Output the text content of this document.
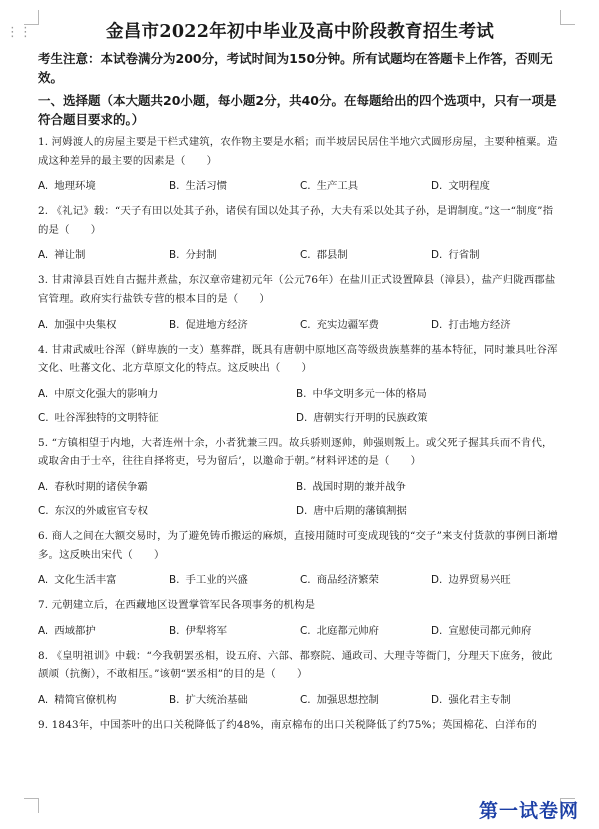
⋮⋮	金昌市2022年初中毕业及高中阶段教育招生考试

考生注意：本试卷满分为200分，考试时间为150分钟。所有试题均在答题卡上作答，否则无效。

一、选择题（本大题共20小题，每小题2分，共40分。在每题给出的四个选项中，只有一项是符合题目要求的。）

1. 河姆渡人的房屋主要是干栏式建筑，农作物主要是水稻；而半坡居民居住半地穴式圆形房屋，主要种植粟。造成这种差异的最主要的因素是（　　）

A. 地理环境	B. 生活习惯	C. 生产工具	D. 文明程度

2. 《礼记》载：“天子有田以处其子孙，诸侯有国以处其子孙，大夫有采以处其子孙，是谓制度。”这一“制度”指的是（　　）

A. 禅让制	B. 分封制	C. 郡县制	D. 行省制

3. 甘肃漳县百姓自古掘井煮盐，东汉章帝建初元年（公元76年）在盐川正式设置障县（漳县），盐产归陇西郡盐官管理。政府实行盐铁专营的根本目的是（　　）

A. 加强中央集权	B. 促进地方经济	C. 充实边疆军费	D. 打击地方经济

4. 甘肃武威吐谷浑（鲜卑族的一支）墓葬群，既具有唐朝中原地区高等级贵族墓葬的基本特征，同时兼具吐谷浑文化、吐蕃文化、北方草原文化的特点。这反映出（　　）

A. 中原文化强大的影响力	B. 中华文明多元一体的格局
C. 吐谷浑独特的文明特征	D. 唐朝实行开明的民族政策

5. “方镇相望于内地，大者连州十余，小者犹兼三四。故兵骄则逐帅，帅强则叛上。或父死子握其兵而不肯代，或取舍由于士卒，往往自择将吏，号为留后’，以邀命于朝。”材料评述的是（　　）

A. 春秋时期的诸侯争霸	B. 战国时期的兼并战争
C. 东汉的外戚宦官专权	D. 唐中后期的藩镇割据

6. 商人之间在大额交易时，为了避免铸币搬运的麻烦，直接用随时可变成现钱的“交子”来支付货款的事例日渐增多。这反映出宋代（　　）

A. 文化生活丰富	B. 手工业的兴盛	C. 商品经济繁荣	D. 边界贸易兴旺

7. 元朝建立后，在西藏地区设置掌管军民各项事务的机构是

A. 西域都护	B. 伊犁将军	C. 北庭都元帅府	D. 宣慰使司都元帅府

8. 《皇明祖训》中载：“今我朝罢丞相，设五府、六部、都察院、通政司、大理寺等衙门，分理天下庶务，彼此颉颃（抗衡），不敢相压。”该朝“罢丞相”的目的是（　　）

A. 精简官僚机构	B. 扩大统治基础	C. 加强思想控制	D. 强化君主专制

9. 1843年，中国茶叶的出口关税降低了约48%，南京棉布的出口关税降低了约75%；英国棉花、白洋布的

第一试卷网
